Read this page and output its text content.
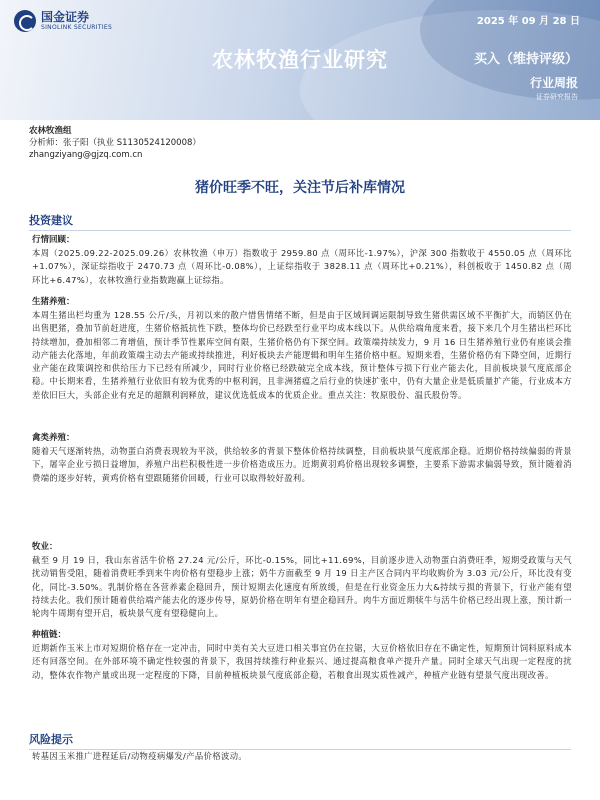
国金证券
SINOLINK SECURITIES	2025 年 09 月 28 日
农林牧渔行业研究	买入（维持评级）
行业周报
证券研究报告
农林牧渔组
分析师：张子阳（执业 S1130524120008）
zhangziyang@gjzq.com.cn
猪价旺季不旺，关注节后补库情况
投资建议
行情回顾：
本周（2025.09.22-2025.09.26）农林牧渔（申万）指数收于 2959.80 点（周环比-1.97%），沪深 300 指数收于 4550.05 点（周环比+1.07%），深证综指收于 2470.73 点（周环比-0.08%），上证综指收于 3828.11 点（周环比+0.21%），科创板收于 1450.82 点（周环比+6.47%），农林牧渔行业指数跑赢上证综指。
生猪养殖：
本周生猪出栏均重为 128.55 公斤/头，月初以来的散户惜售情绪不断，但是由于区域间调运限制导致生猪供需区域不平衡扩大，而销区仍在出售肥猪，叠加节前赶进度，生猪价格抵抗性下跌，整体均价已经跌至行业平均成本线以下。从供给端角度来看，接下来几个月生猪出栏环比持续增加，叠加相邻二育增值，预计季节性累库空间有限，生猪价格仍有下探空间。政策端持续发力，9 月 16 日生猪养殖行业仍有座谈会推动产能去化落地，年前政策端主动去产能或持续推进，利好板块去产能逻辑和明年生猪价格中枢。短期来看，生猪价格仍有下降空间，近期行业产能在政策调控和供给压力下已经有所减少，同时行业价格已经跌破完全成本线，预计整体亏损下行业产能去化，目前板块景气度底部企稳。中长期来看，生猪养殖行业依旧有较为优秀的中枢利润，且非洲猪瘟之后行业的快速扩张中，仍有大量企业是低质量扩产能，行业成本方差依旧巨大，头部企业有充足的超额利润释放，建议优选低成本的优质企业。重点关注：牧原股份、温氏股份等。
禽类养殖：
随着天气逐渐转热，动物蛋白消费表现较为平淡，供给较多的背景下整体价格持续调整，目前板块景气度底部企稳。近期价格持续偏弱的背景下，屠宰企业亏损日益增加，养殖户出栏积极性进一步价格造成压力。近期黄羽鸡价格出现较多调整，主要系下游需求偏弱导致，预计随着消费端的逐步好转，黄鸡价格有望跟随猪价回暖，行业可以取得较好盈利。
牧业：
截至 9 月 19 日，我山东省活牛价格 27.24 元/公斤，环比-0.15%，同比+11.69%，目前逐步进入动物蛋白消费旺季，短期受政策与天气扰动销售受阻，随着消费旺季到来牛肉价格有望稳步上涨；奶牛方面截至 9 月 19 日主产区合同内平均收购价为 3.03 元/公斤，环比没有变化，同比-3.50%。乳制价格在各营养素企稳回升，预计短期去化速度有所放缓，但是在行业资金压力大&持续亏损的背景下，行业产能有望持续去化。我们预计随着供给端产能去化的逐步传导，原奶价格在明年有望企稳回升。肉牛方面近期犊牛与活牛价格已经出现上涨，预计新一轮肉牛周期有望开启，板块景气度有望稳健向上。
种植链：
近期新作玉米上市对短期价格存在一定冲击，同时中美有关大豆进口相关事宜仍在拉锯，大豆价格依旧存在不确定性，短期预计饲料原料成本还有回落空间。在外部环境不确定性较强的背景下，我国持续推行种业振兴、通过提高粮食单产提升产量。同时全球天气出现一定程度的扰动，整体农作物产量或出现一定程度的下降，目前种植板块景气度底部企稳，若粮食出现实质性减产，种植产业链有望景气度出现改善。
风险提示
转基因玉米推广进程延后/动物疫病爆发/产品价格波动。
